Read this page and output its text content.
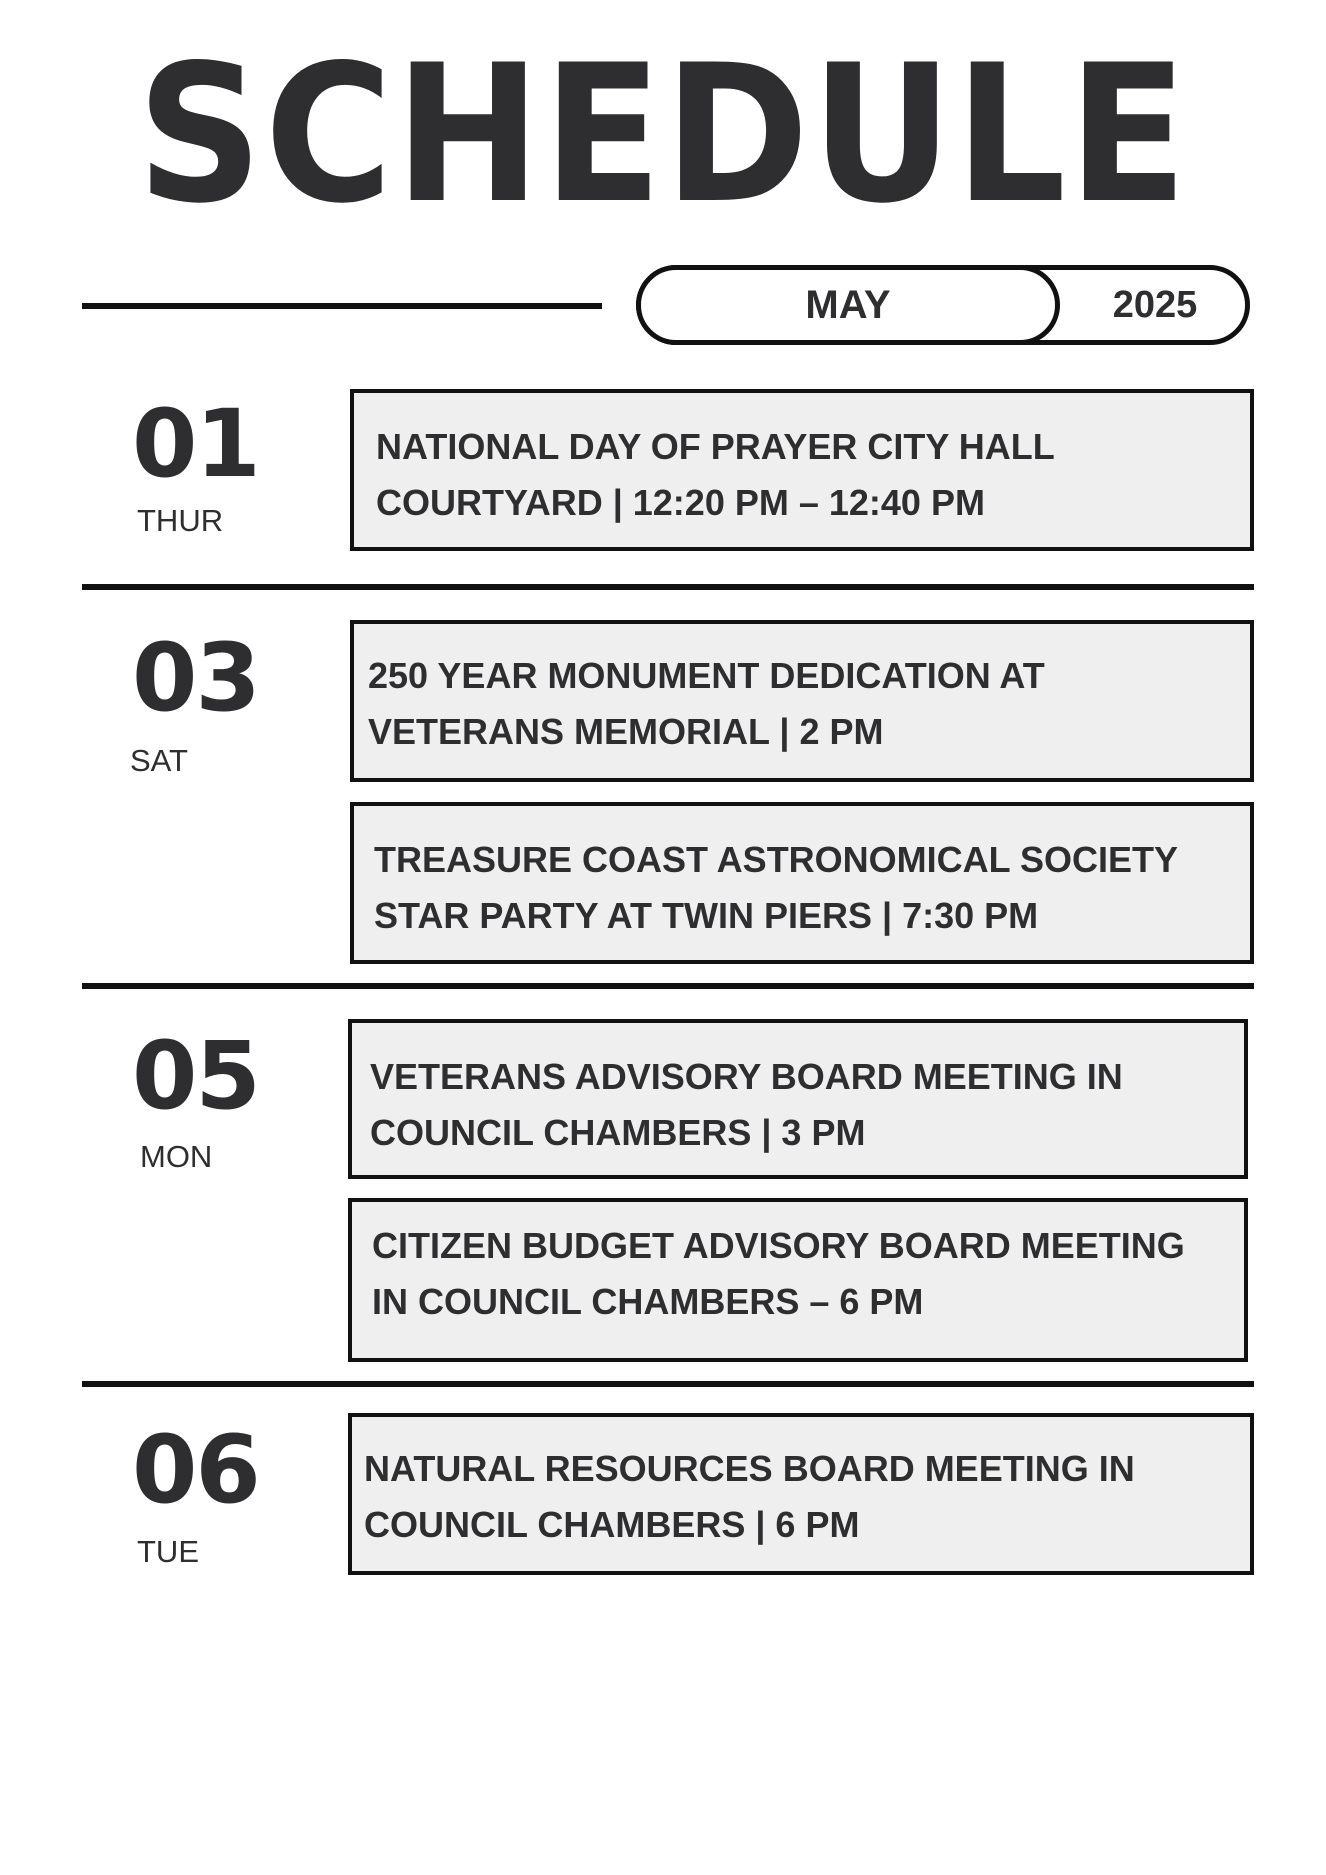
SCHEDULE
MAY	2025
01
THUR
NATIONAL DAY OF PRAYER CITY HALL COURTYARD | 12:20 PM – 12:40 PM
03
SAT
250 YEAR MONUMENT DEDICATION AT VETERANS MEMORIAL | 2 PM
TREASURE COAST ASTRONOMICAL SOCIETY STAR PARTY AT TWIN PIERS | 7:30 PM
05
MON
VETERANS ADVISORY BOARD MEETING IN COUNCIL CHAMBERS | 3 PM
CITIZEN BUDGET ADVISORY BOARD MEETING IN COUNCIL CHAMBERS – 6 PM
06
TUE
NATURAL RESOURCES BOARD MEETING IN COUNCIL CHAMBERS | 6 PM
